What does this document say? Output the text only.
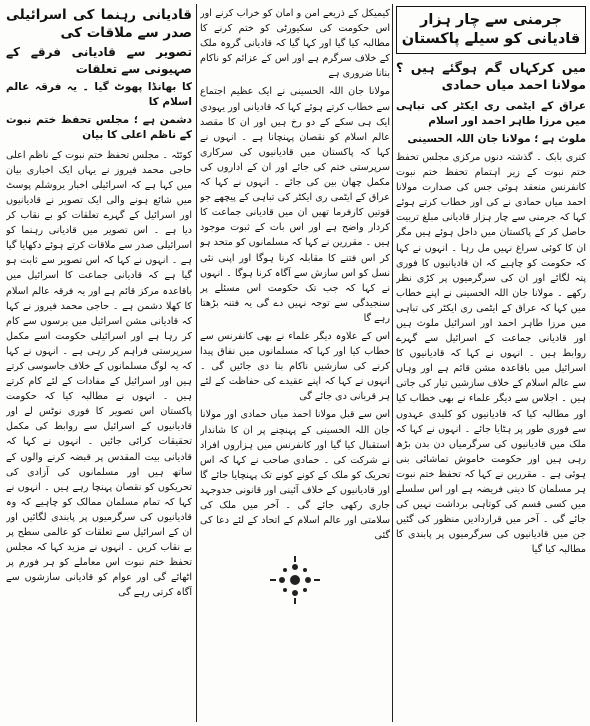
جرمنی سے چار ہزار قادیانی کو سیلے پاکستان
میں کرکہاں گم ہوگئے ہیں ؟ مولانا احمد میاں حمادی
عراق کے ایٹمی ری ایکٹر کی تباہی میں مرزا طاہر احمد اور اسلام
ملوث ہے ؛ مولانا جان اللہ الحسینی

کنری بابک ۔ گذشتہ دنوں مرکزی مجلس تحفظ ختم نبوت کے زیر اہتمام تحفظ ختم نبوت کانفرنس منعقد ہوئی جس کی صدارت مولانا احمد میاں حمادی نے کی اور خطاب کرتے ہوئے کہا کہ جرمنی سے چار ہزار قادیانی مبلغ تربیت حاصل کر کے پاکستان میں داخل ہوئے ہیں مگر ان کا کوئی سراغ نہیں مل رہا ۔ انہوں نے کہا کہ حکومت کو چاہیے کہ ان قادیانیوں کا فوری پتہ لگائے اور ان کی سرگرمیوں پر کڑی نظر رکھے ۔ مولانا جان اللہ الحسینی نے اپنے خطاب میں کہا کہ عراق کے ایٹمی ری ایکٹر کی تباہی میں مرزا طاہر احمد اور اسرائیل ملوث ہیں اور قادیانی جماعت کے اسرائیل سے گہرے روابط ہیں ۔ انہوں نے کہا کہ قادیانیوں کا اسرائیل میں باقاعدہ مشن قائم ہے اور وہاں سے عالم اسلام کے خلاف سازشیں تیار کی جاتی ہیں ۔ اجلاس سے دیگر علماء نے بھی خطاب کیا اور مطالبہ کیا کہ قادیانیوں کو کلیدی عہدوں سے فوری طور پر ہٹایا جائے ۔ انہوں نے کہا کہ ملک میں قادیانیوں کی سرگرمیاں دن بدن بڑھ رہی ہیں اور حکومت خاموش تماشائی بنی ہوئی ہے ۔ مقررین نے کہا کہ تحفظ ختم نبوت ہر مسلمان کا دینی فریضہ ہے اور اس سلسلے میں کسی قسم کی کوتاہی برداشت نہیں کی جائے گی ۔ آخر میں قراردادیں منظور کی گئیں جن میں قادیانیوں کی سرگرمیوں پر پابندی کا مطالبہ کیا گیا

کیمیکل کے ذریعے امن و امان کو خراب کرنے اور اس حکومت کی سکیورٹی کو ختم کرنے کا مطالبہ کیا گیا اور کہا گیا کہ قادیانی گروہ ملک کے خلاف سرگرم ہے اور اس کے عزائم کو ناکام بنانا ضروری ہے

مولانا جان اللہ الحسینی نے ایک عظیم اجتماع سے خطاب کرتے ہوئے کہا کہ قادیانی اور یہودی ایک ہی سکے کے دو رخ ہیں اور ان کا مقصد عالم اسلام کو نقصان پہنچانا ہے ۔ انہوں نے کہا کہ پاکستان میں قادیانیوں کی سرکاری سرپرستی ختم کی جائے اور ان کے اداروں کی مکمل چھان بین کی جائے ۔ انہوں نے کہا کہ عراق کے ایٹمی ری ایکٹر کی تباہی کے پیچھے جو قوتیں کارفرما تھیں ان میں قادیانی جماعت کا کردار واضح ہے اور اس بات کے ثبوت موجود ہیں ۔ مقررین نے کہا کہ مسلمانوں کو متحد ہو کر اس فتنے کا مقابلہ کرنا ہوگا اور اپنی نئی نسل کو اس سازش سے آگاہ کرنا ہوگا ۔ انہوں نے کہا کہ جب تک حکومت اس مسئلے پر سنجیدگی سے توجہ نہیں دے گی یہ فتنہ بڑھتا رہے گا

اس کے علاوہ دیگر علماء نے بھی کانفرنس سے خطاب کیا اور کہا کہ مسلمانوں میں نفاق پیدا کرنے کی سازشیں ناکام بنا دی جائیں گی ۔ انہوں نے کہا کہ اپنے عقیدے کی حفاظت کے لئے ہر قربانی دی جائے گی

اس سے قبل مولانا احمد میاں حمادی اور مولانا جان اللہ الحسینی کے پہنچنے پر ان کا شاندار استقبال کیا گیا اور کانفرنس میں ہزاروں افراد نے شرکت کی ۔ حمادی صاحب نے کہا کہ اس تحریک کو ملک کے کونے کونے تک پہنچایا جائے گا اور قادیانیوں کے خلاف آئینی اور قانونی جدوجہد جاری رکھی جائے گی ۔ آخر میں ملک کی سلامتی اور عالم اسلام کے اتحاد کے لئے دعا کی گئی

قادیانی رہنما کی اسرائیلی صدر سے ملاقات کی
تصویر سے قادیانی فرقے کے صہیونی سے تعلقات
کا بھانڈا پھوٹ گیا ۔ یہ فرقہ عالم اسلام کا
دشمن ہے ؛ مجلس تحفظ ختم نبوت کے ناظم اعلی کا بیان

کوئٹہ ۔ مجلس تحفظ ختم نبوت کے ناظم اعلی حاجی محمد فیروز نے یہاں ایک اخباری بیان میں کہا ہے کہ اسرائیلی اخبار یروشلم پوسٹ میں شائع ہونے والی ایک تصویر نے قادیانیوں اور اسرائیل کے گہرے تعلقات کو بے نقاب کر دیا ہے ۔ اس تصویر میں قادیانی رہنما کو اسرائیلی صدر سے ملاقات کرتے ہوئے دکھایا گیا ہے ۔ انہوں نے کہا کہ اس تصویر سے ثابت ہو گیا ہے کہ قادیانی جماعت کا اسرائیل میں باقاعدہ مرکز قائم ہے اور یہ فرقہ عالم اسلام کا کھلا دشمن ہے ۔ حاجی محمد فیروز نے کہا کہ قادیانی مشن اسرائیل میں برسوں سے کام کر رہا ہے اور اسرائیلی حکومت اسے مکمل سرپرستی فراہم کر رہی ہے ۔ انہوں نے کہا کہ یہ لوگ مسلمانوں کے خلاف جاسوسی کرتے ہیں اور اسرائیل کے مفادات کے لئے کام کرتے ہیں ۔ انہوں نے مطالبہ کیا کہ حکومت پاکستان اس تصویر کا فوری نوٹس لے اور قادیانیوں کے اسرائیل سے روابط کی مکمل تحقیقات کرائی جائیں ۔ انہوں نے کہا کہ قادیانی بیت المقدس پر قبضہ کرنے والوں کے ساتھ ہیں اور مسلمانوں کی آزادی کی تحریکوں کو نقصان پہنچا رہے ہیں ۔ انہوں نے کہا کہ تمام مسلمان ممالک کو چاہیے کہ وہ قادیانیوں کی سرگرمیوں پر پابندی لگائیں اور ان کے اسرائیل سے تعلقات کو عالمی سطح پر بے نقاب کریں ۔ انہوں نے مزید کہا کہ مجلس تحفظ ختم نبوت اس معاملے کو ہر فورم پر اٹھائے گی اور عوام کو قادیانی سازشوں سے آگاہ کرتی رہے گی
